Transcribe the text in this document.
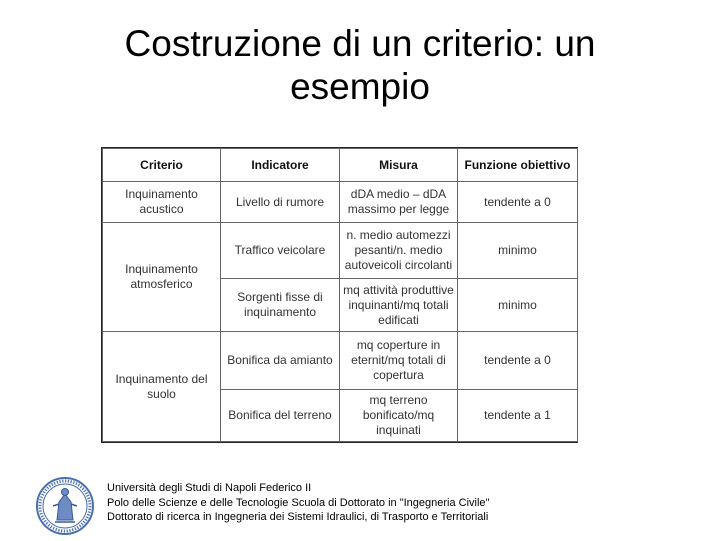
Costruzione di un criterio: un esempio
Criterio	Indicatore	Misura	Funzione obiettivo
Inquinamento acustico	Livello di rumore	dDA medio – dDA massimo per legge	tendente a 0
Inquinamento atmosferico	Traffico veicolare	n. medio automezzi pesanti/n. medio autoveicoli circolanti	minimo
	Sorgenti fisse di inquinamento	mq attività produttive inquinanti/mq totali edificati	minimo
Inquinamento del suolo	Bonifica da amianto	mq coperture in eternit/mq totali di copertura	tendente a 0
	Bonifica del terreno	mq terreno bonificato/mq inquinati	tendente a 1
Università degli Studi di Napoli Federico II
Polo delle Scienze e delle Tecnologie Scuola di Dottorato in "Ingegneria Civile"
Dottorato di ricerca in Ingegneria dei Sistemi Idraulici, di Trasporto e Territoriali
